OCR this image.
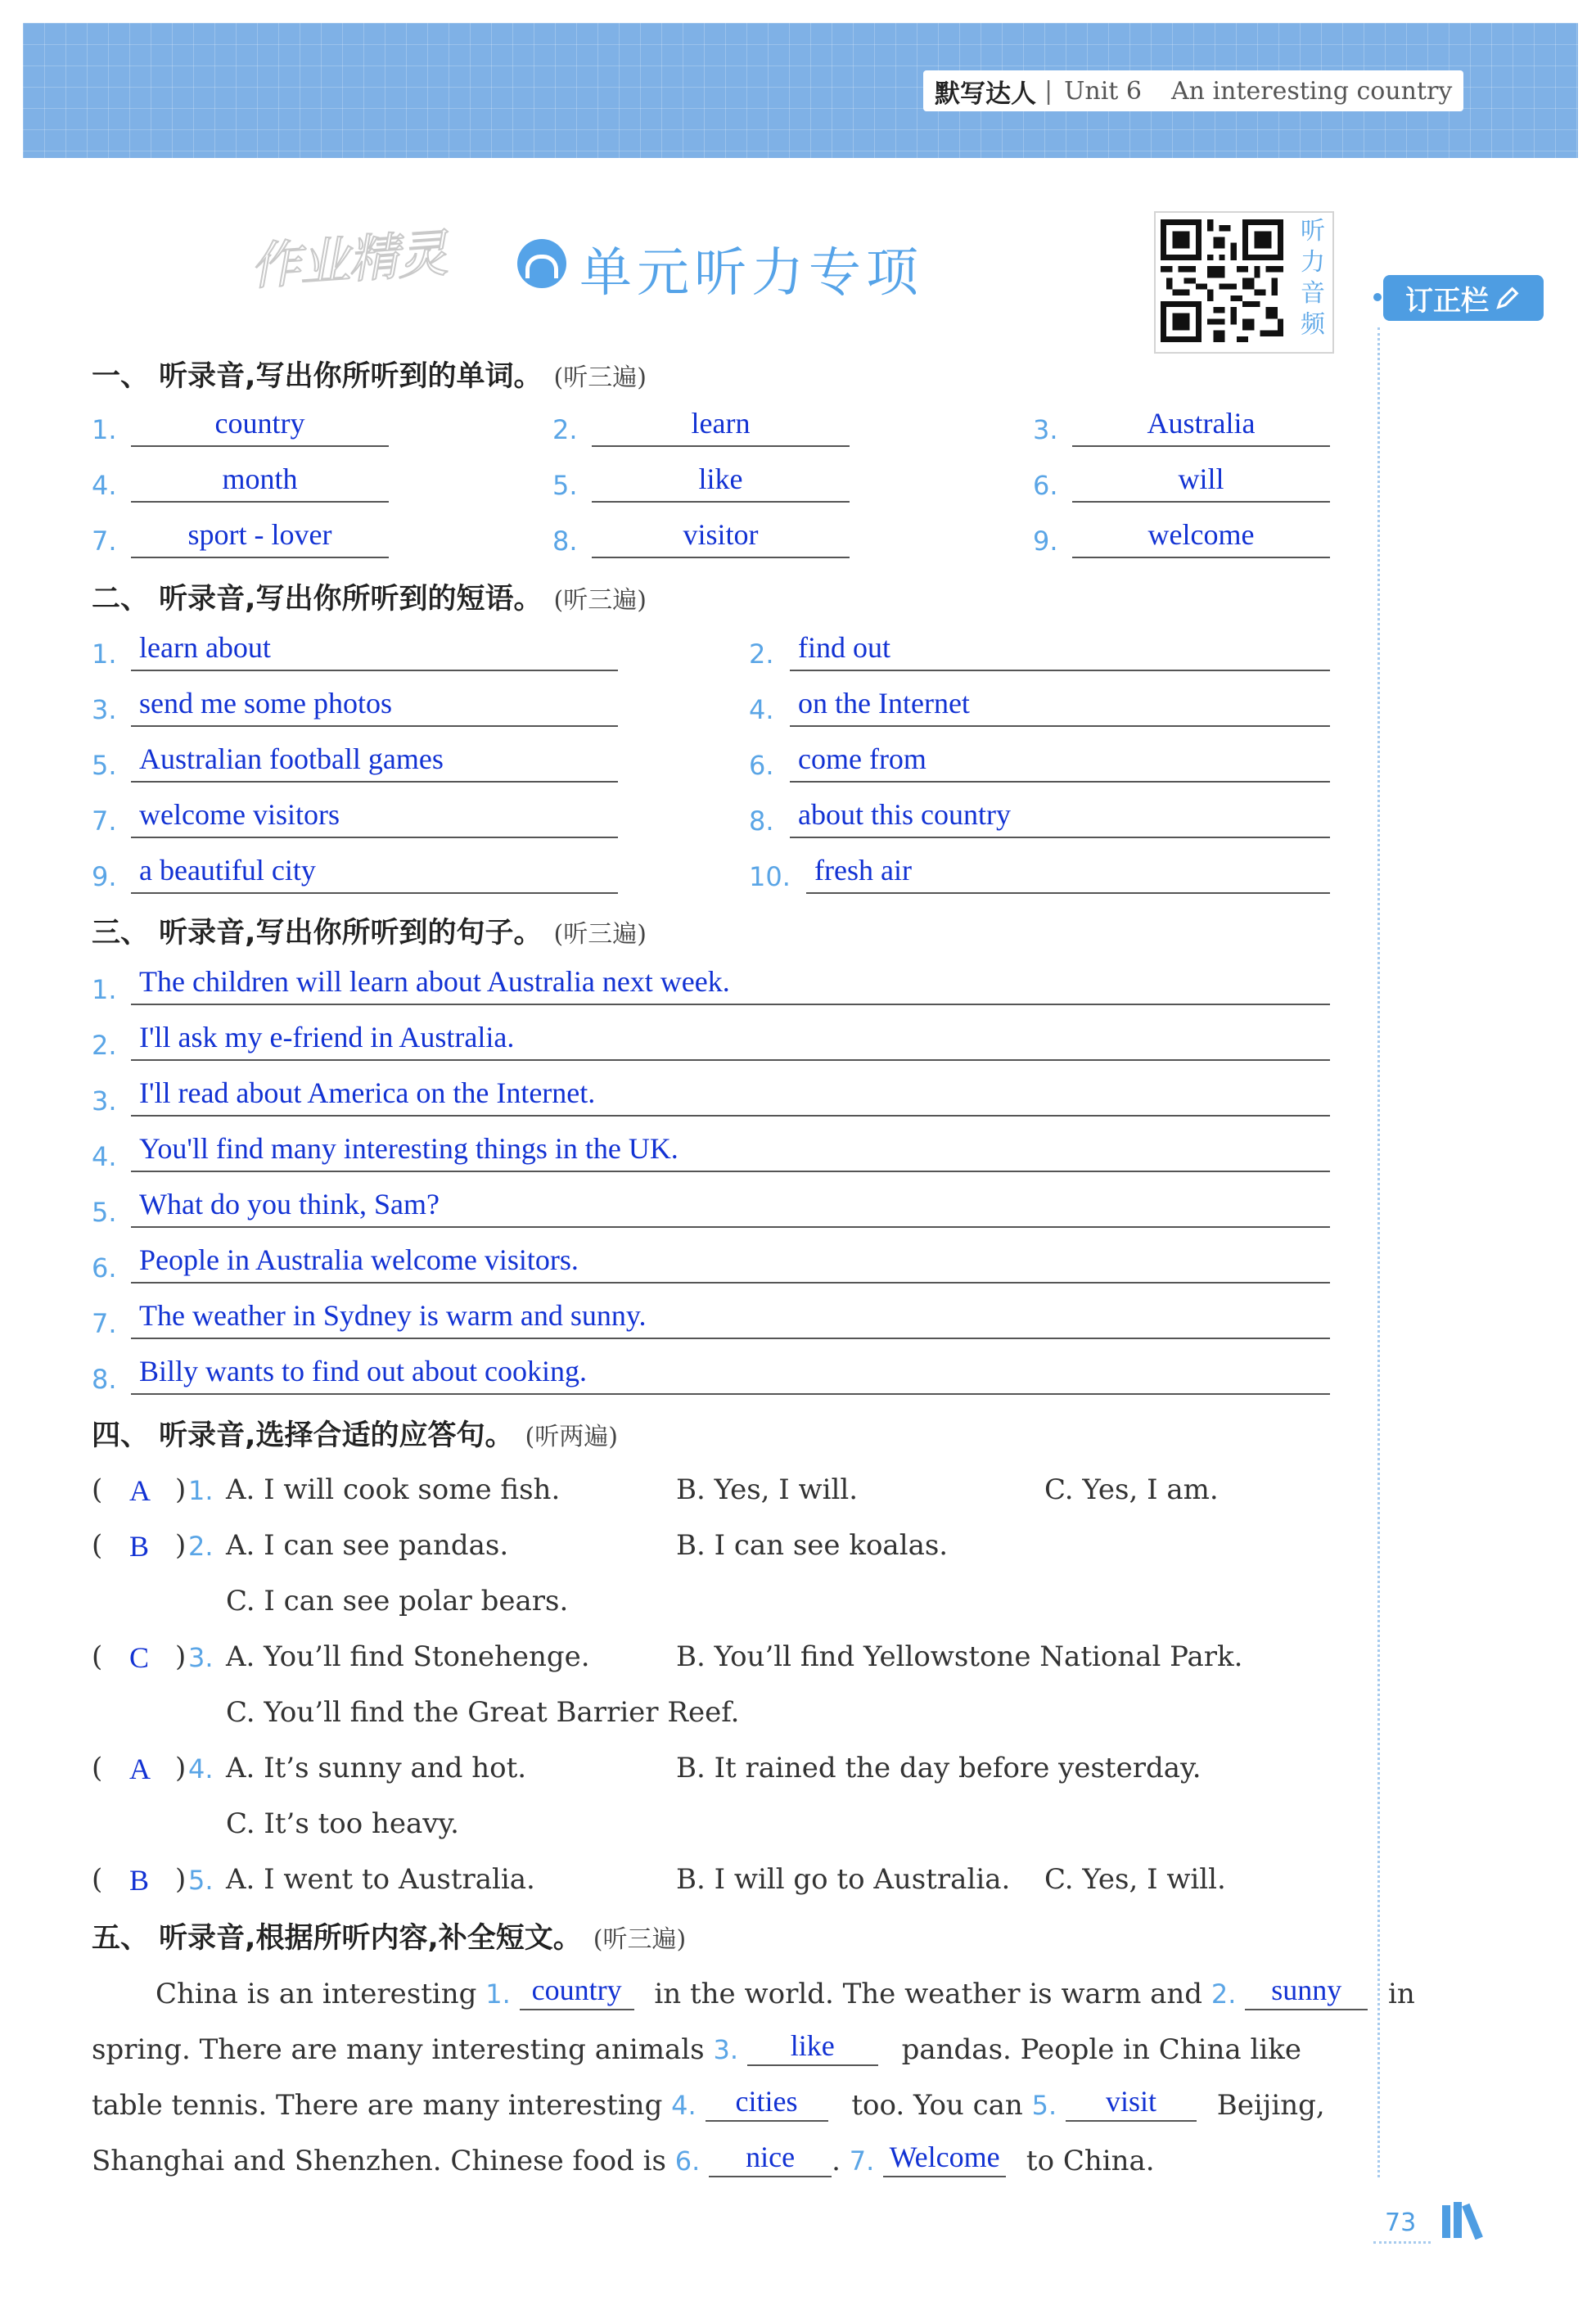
默写达人 | Unit 6 An interesting country
作业精灵	单元听力专项
听力音频
订正栏
一、 听录音,写出你所听到的单词。 (听三遍)
1.	country	2.	learn	3.	Australia
4.	month	5.	like	6.	will
7.	sport - lover	8.	visitor	9.	welcome
二、 听录音,写出你所听到的短语。 (听三遍)
1. learn about	2. find out
3. send me some photos	4. on the Internet
5. Australian football games	6. come from
7. welcome visitors	8. about this country
9. a beautiful city	10. fresh air
三、 听录音,写出你所听到的句子。 (听三遍)
1. The children will learn about Australia next week.
2. I'll ask my e-friend in Australia.
3. I'll read about America on the Internet.
4. You'll find many interesting things in the UK.
5. What do you think, Sam?
6. People in Australia welcome visitors.
7. The weather in Sydney is warm and sunny.
8. Billy wants to find out about cooking.
四、 听录音,选择合适的应答句。 (听两遍)
( A ) 1. A. I will cook some fish.	B. Yes, I will.	C. Yes, I am.
( B ) 2. A. I can see pandas.	B. I can see koalas.
C. I can see polar bears.
( C ) 3. A. You’ll find Stonehenge.	B. You’ll find Yellowstone National Park.
C. You’ll find the Great Barrier Reef.
( A ) 4. A. It’s sunny and hot.	B. It rained the day before yesterday.
C. It’s too heavy.
( B ) 5. A. I went to Australia.	B. I will go to Australia. C. Yes, I will.
五、 听录音,根据所听内容,补全短文。 (听三遍)
China is an interesting 1. country in the world. The weather is warm and 2. sunny in
spring. There are many interesting animals 3. like pandas. People in China like
table tennis. There are many interesting 4. cities too. You can 5. visit Beijing,
Shanghai and Shenzhen. Chinese food is 6. nice . 7. Welcome to China.
73
